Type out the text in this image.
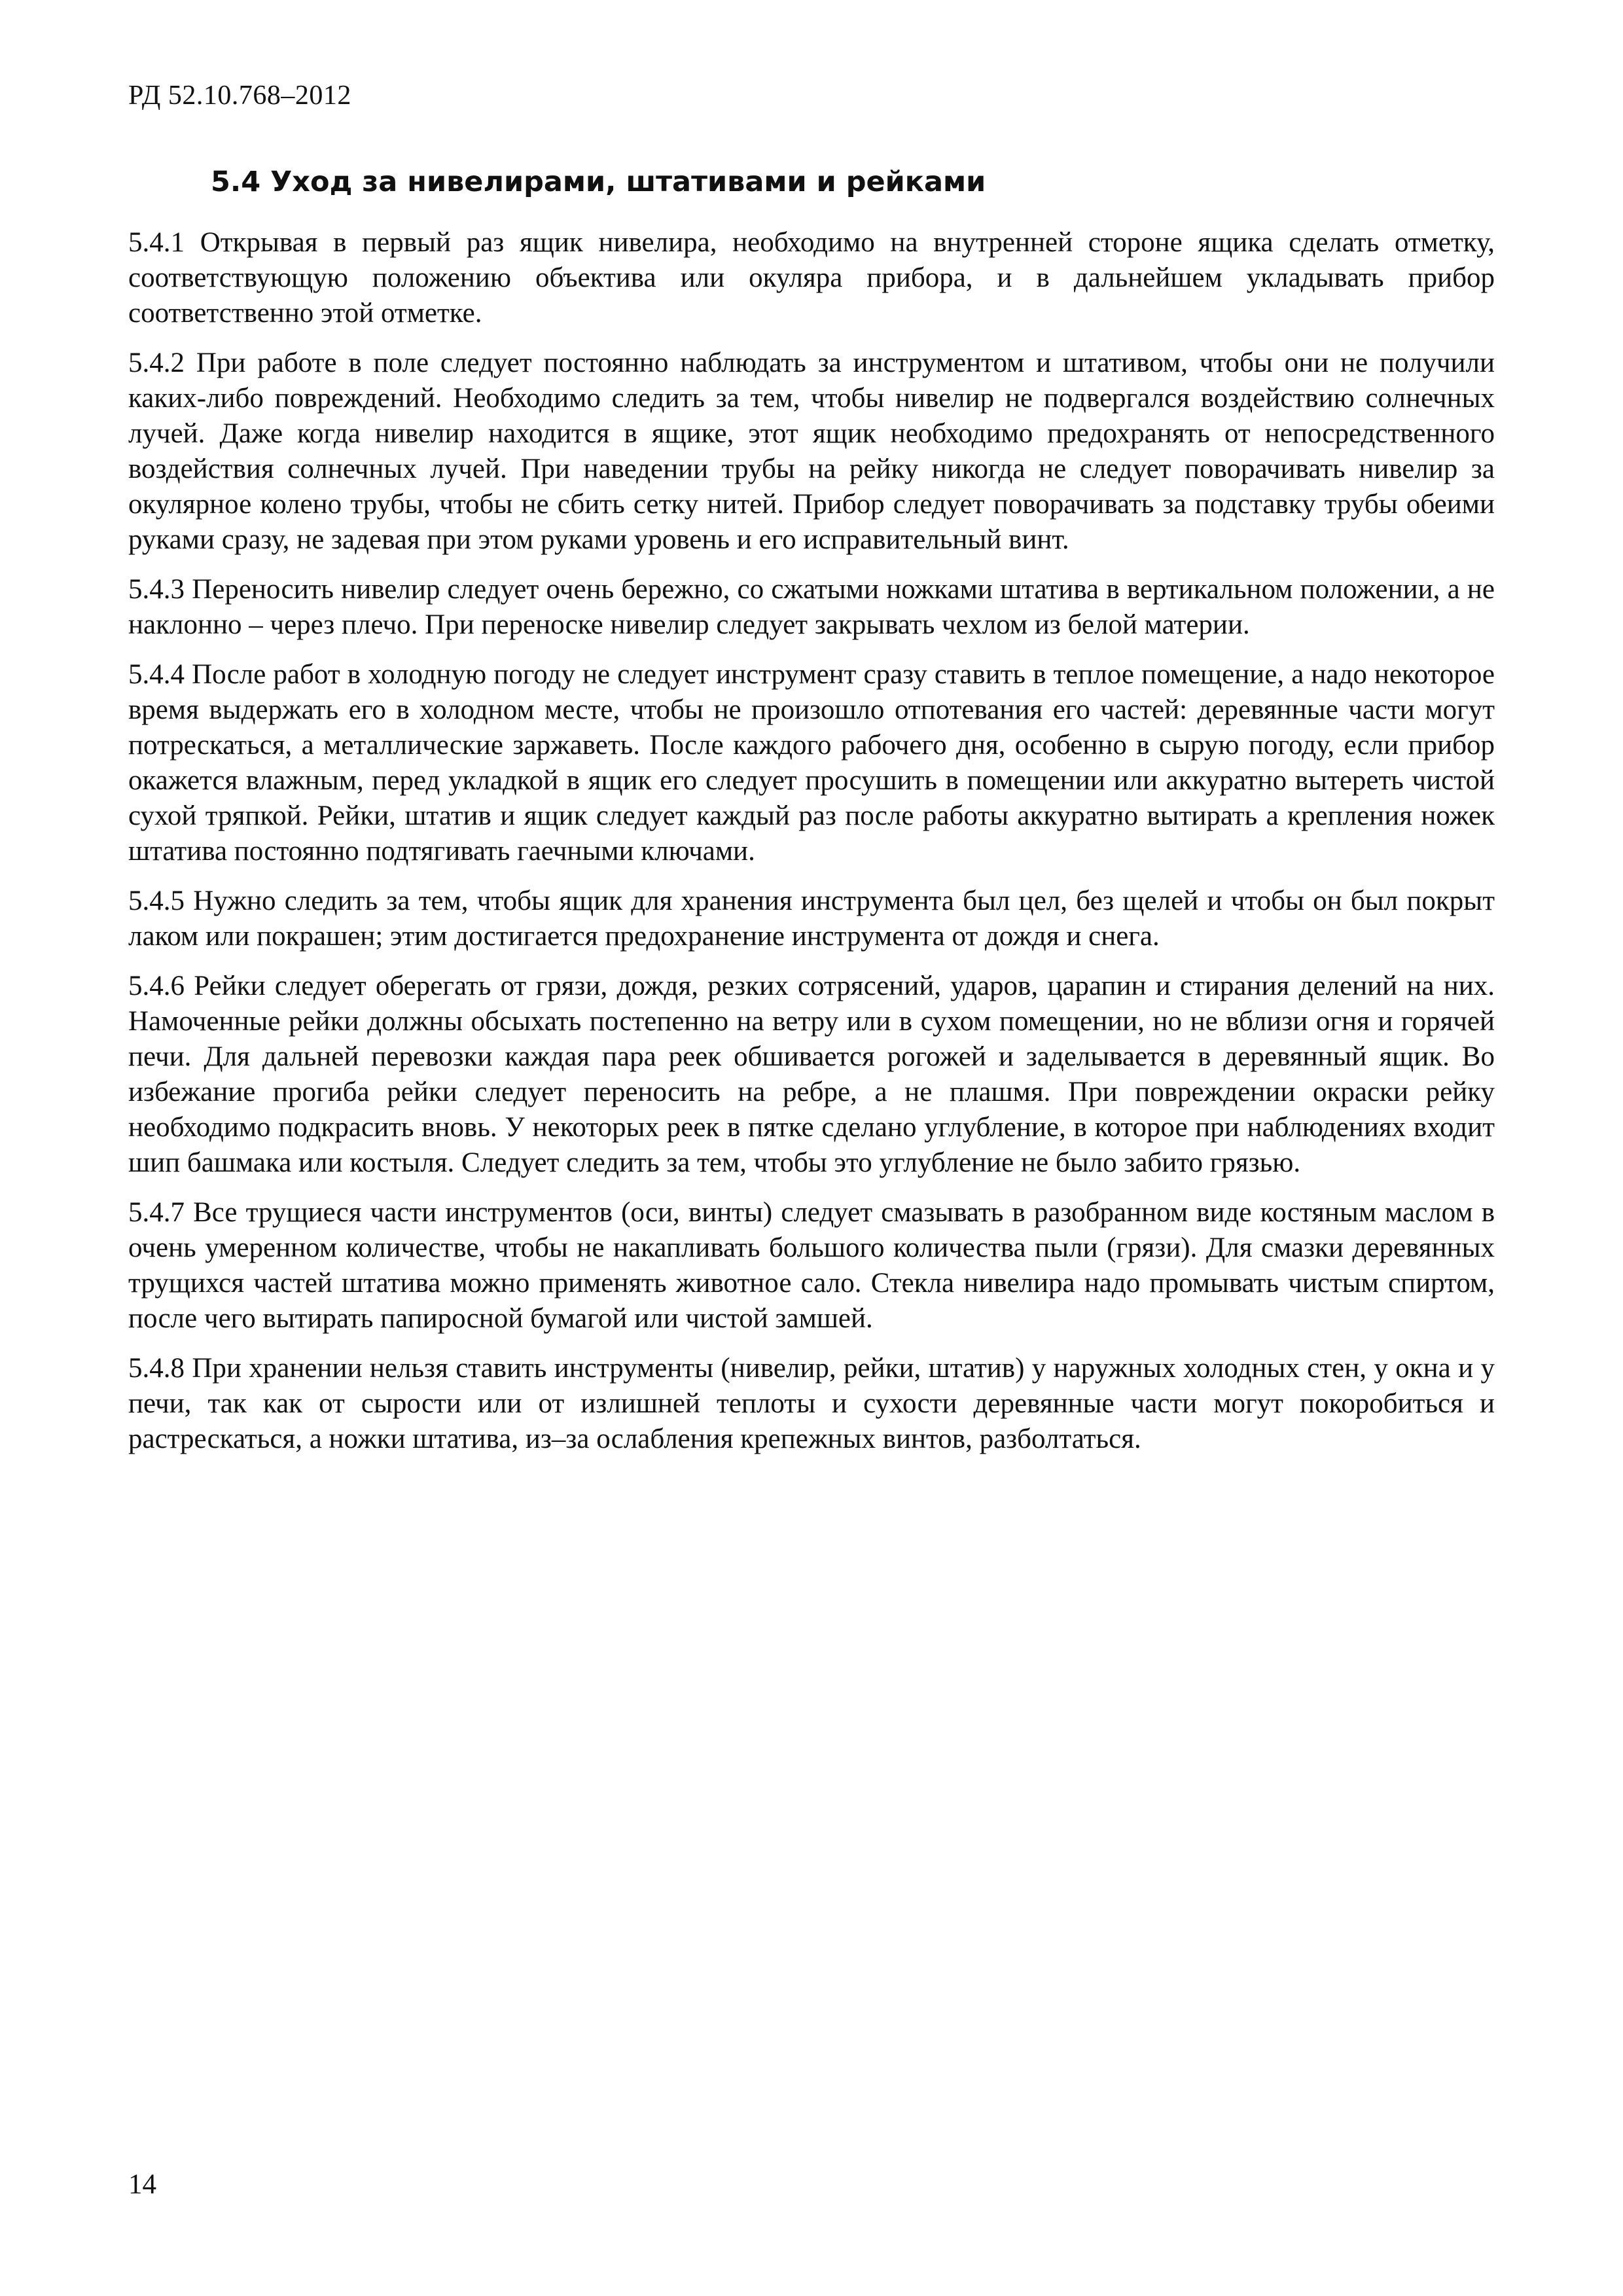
РД 52.10.768–2012
5.4 Уход за нивелирами, штативами и рейками

5.4.1 Открывая в первый раз ящик нивелира, необходимо на внутренней стороне ящика сделать отметку, соответствующую положению объектива или окуляра прибора, и в дальнейшем укладывать прибор соответственно этой отметке.

5.4.2 При работе в поле следует постоянно наблюдать за инструментом и штативом, чтобы они не получили каких-либо повреждений. Необходимо следить за тем, чтобы нивелир не подвергался воздействию солнечных лучей. Даже когда нивелир находится в ящике, этот ящик необходимо предохранять от непосредственного воздействия солнечных лучей. При наведении трубы на рейку никогда не следует поворачивать нивелир за окулярное колено трубы, чтобы не сбить сетку нитей. Прибор следует поворачивать за подставку трубы обеими руками сразу, не задевая при этом руками уровень и его исправительный винт.

5.4.3 Переносить нивелир следует очень бережно, со сжатыми ножками штатива в вертикальном положении, а не наклонно – через плечо. При переноске нивелир следует закрывать чехлом из белой материи.

5.4.4 После работ в холодную погоду не следует инструмент сразу ставить в теплое помещение, а надо некоторое время выдержать его в холодном месте, чтобы не произошло отпотевания его частей: деревянные части могут потрескаться, а металлические заржаветь. После каждого рабочего дня, особенно в сырую погоду, если прибор окажется влажным, перед укладкой в ящик его следует просушить в помещении или аккуратно вытереть чистой сухой тряпкой. Рейки, штатив и ящик следует каждый раз после работы аккуратно вытирать а крепления ножек штатива постоянно подтягивать гаечными ключами.

5.4.5 Нужно следить за тем, чтобы ящик для хранения инструмента был цел, без щелей и чтобы он был покрыт лаком или покрашен; этим достигается предохранение инструмента от дождя и снега.

5.4.6 Рейки следует оберегать от грязи, дождя, резких сотрясений, ударов, царапин и стирания делений на них. Намоченные рейки должны обсыхать постепенно на ветру или в сухом помещении, но не вблизи огня и горячей печи. Для дальней перевозки каждая пара реек обшивается рогожей и заделывается в деревянный ящик. Во избежание прогиба рейки следует переносить на ребре, а не плашмя. При повреждении окраски рейку необходимо подкрасить вновь. У некоторых реек в пятке сделано углубление, в которое при наблюдениях входит шип башмака или костыля. Следует следить за тем, чтобы это углубление не было забито грязью.

5.4.7 Все трущиеся части инструментов (оси, винты) следует смазывать в разобранном виде костяным маслом в очень умеренном количестве, чтобы не накапливать большого количества пыли (грязи). Для смазки деревянных трущихся частей штатива можно применять животное сало. Стекла нивелира надо промывать чистым спиртом, после чего вытирать папиросной бумагой или чистой замшей.

5.4.8 При хранении нельзя ставить инструменты (нивелир, рейки, штатив) у наружных холодных стен, у окна и у печи, так как от сырости или от излишней теплоты и сухости деревянные части могут покоробиться и растрескаться, а ножки штатива, из–за ослабления крепежных винтов, разболтаться.

14
